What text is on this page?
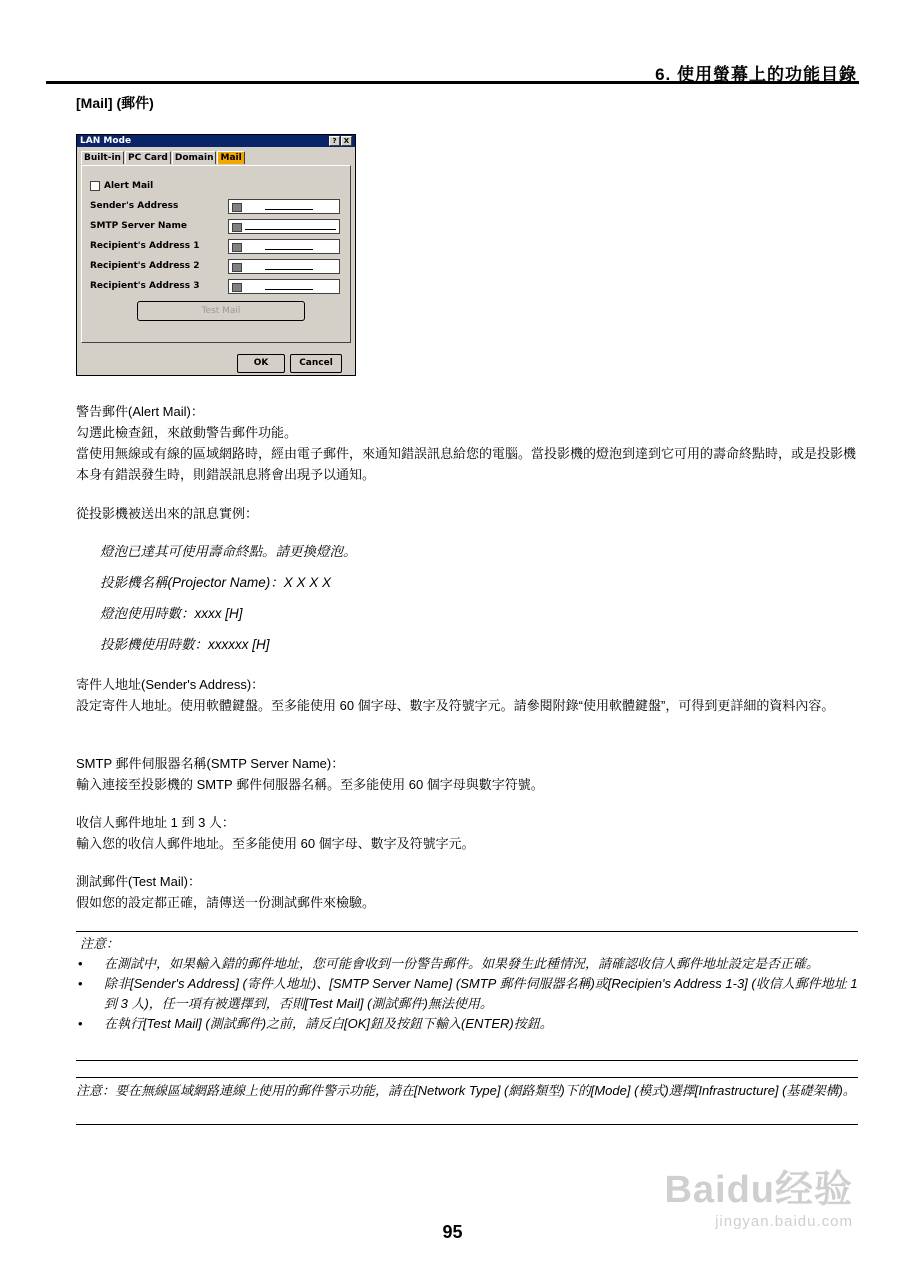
6. 使用螢幕上的功能目錄
[Mail] (郵件)
LAN Mode	?	X
Built-in PC Card Domain Mail
Alert Mail
Sender's Address
SMTP Server Name
Recipient's Address 1
Recipient's Address 2
Recipient's Address 3
Test Mail
OK	Cancel

警告郵件(Alert Mail)：

勾選此檢查鈕，來啟動警告郵件功能。

當使用無線或有線的區域網路時，經由電子郵件，來通知錯誤訊息給您的電腦。當投影機的燈泡到達到它可用的壽命終點時，或是投影機本身有錯誤發生時，則錯誤訊息將會出現予以通知。

從投影機被送出來的訊息實例：
燈泡已達其可使用壽命終點。請更換燈泡。
投影機名稱(Projector Name)：X X X X
燈泡使用時數：xxxx [H]
投影機使用時數：xxxxxx [H]

寄件人地址(Sender's Address)：

設定寄件人地址。使用軟體鍵盤。至多能使用 60 個字母、數字及符號字元。請參閱附錄“使用軟體鍵盤”，可得到更詳細的資料內容。

SMTP 郵件伺服器名稱(SMTP Server Name)：

輸入連接至投影機的 SMTP 郵件伺服器名稱。至多能使用 60 個字母與數字符號。

收信人郵件地址 1 到 3 人：

輸入您的收信人郵件地址。至多能使用 60 個字母、數字及符號字元。

測試郵件(Test Mail)：

假如您的設定都正確，請傳送一份測試郵件來檢驗。

注意：
• 在測試中，如果輸入錯的郵件地址，您可能會收到一份警告郵件。如果發生此種情況，請確認收信人郵件地址設定是否正確。
• 除非[Sender's Address] (寄件人地址)、[SMTP Server Name] (SMTP 郵件伺服器名稱)或[Recipien's Address 1-3] (收信人郵件地址 1 到 3 人)，任一項有被選擇到，否則[Test Mail] (測試郵件)無法使用。
• 在執行[Test Mail] (測試郵件)之前，請反白[OK]鈕及按鈕下輸入(ENTER)按鈕。
注意：要在無線區域網路連線上使用的郵件警示功能，請在[Network Type] (網路類型)下的[Mode] (模式)選擇[Infrastructure] (基礎架構)。
Baidu经验
jingyan.baidu.com
95
